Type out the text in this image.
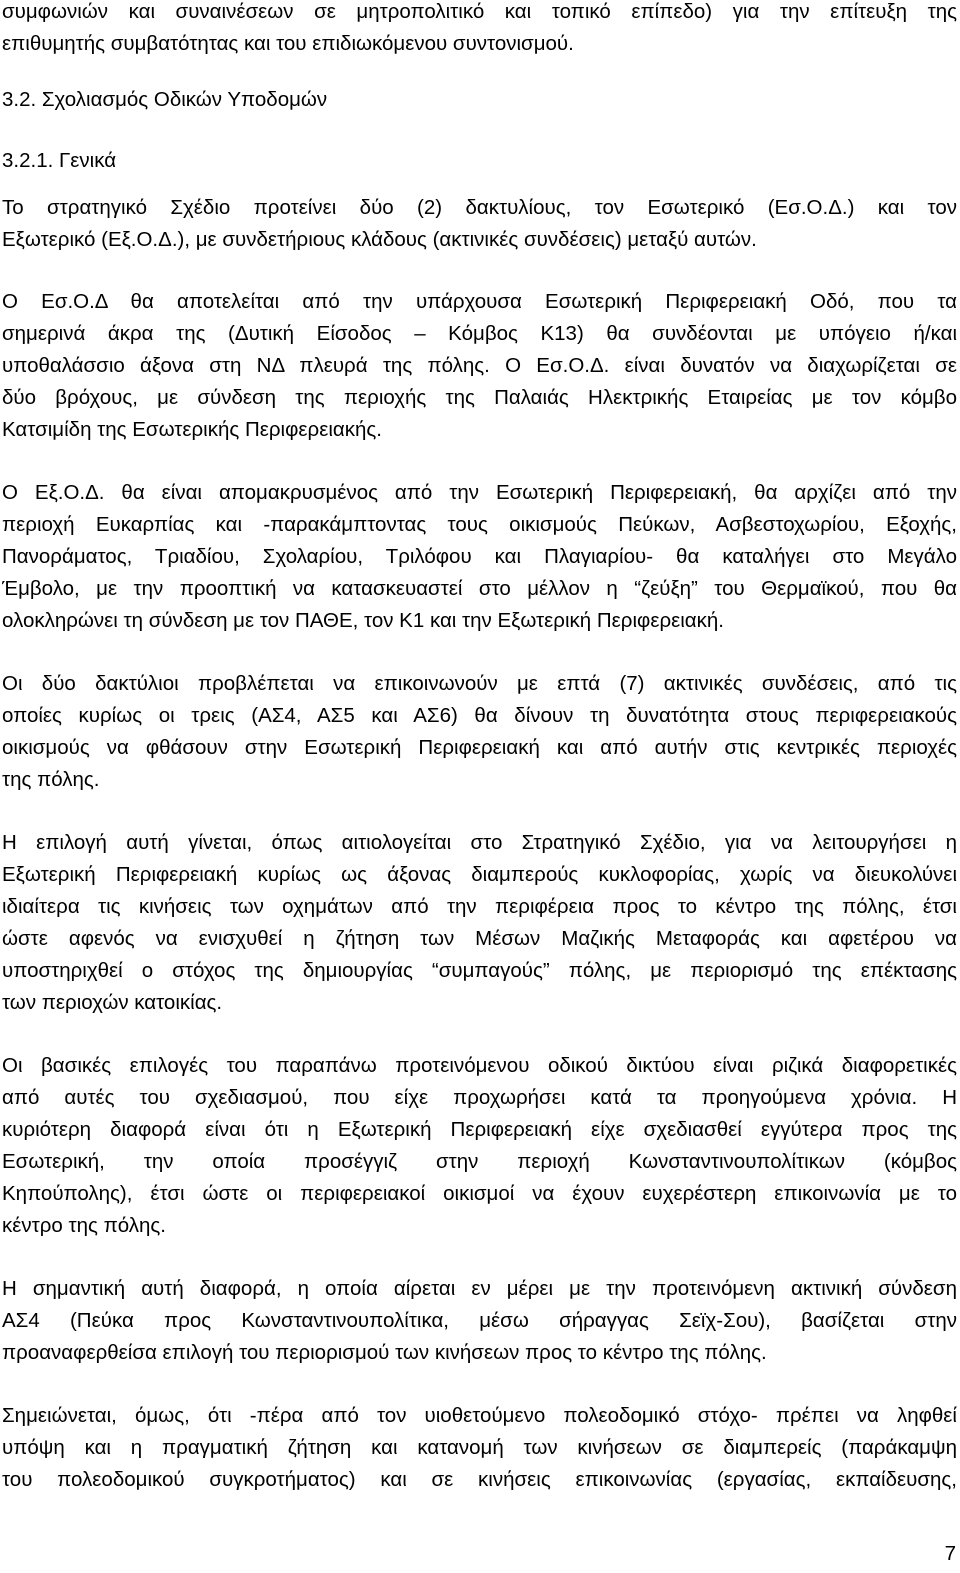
συμφωνιών και συναινέσεων σε μητροπολιτικό και τοπικό επίπεδο) για την επίτευξη της
επιθυμητής συμβατότητας και του επιδιωκόμενου συντονισμού.
3.2. Σχολιασμός Οδικών Υποδομών
3.2.1. Γενικά
Το στρατηγικό Σχέδιο προτείνει δύο (2) δακτυλίους, τον Εσωτερικό (Εσ.Ο.Δ.) και τον
Εξωτερικό (Εξ.Ο.Δ.), με συνδετήριους κλάδους (ακτινικές συνδέσεις) μεταξύ αυτών.
Ο Εσ.Ο.Δ θα αποτελείται από την υπάρχουσα Εσωτερική Περιφερειακή Οδό, που τα
σημερινά άκρα της (Δυτική Είσοδος – Κόμβος Κ13) θα συνδέονται με υπόγειο ή/και
υποθαλάσσιο άξονα στη ΝΔ πλευρά της πόλης. Ο Εσ.Ο.Δ. είναι δυνατόν να διαχωρίζεται σε
δύο βρόχους, με σύνδεση της περιοχής της Παλαιάς Ηλεκτρικής Εταιρείας με τον κόμβο
Κατσιμίδη της Εσωτερικής Περιφερειακής.
Ο Εξ.Ο.Δ. θα είναι απομακρυσμένος από την Εσωτερική Περιφερειακή, θα αρχίζει από την
περιοχή Ευκαρπίας και -παρακάμπτοντας τους οικισμούς Πεύκων, Ασβεστοχωρίου, Εξοχής,
Πανοράματος, Τριαδίου, Σχολαρίου, Τριλόφου και Πλαγιαρίου- θα καταλήγει στο Μεγάλο
Έμβολο, με την προοπτική να κατασκευαστεί στο μέλλον η “ζεύξη” του Θερμαϊκού, που θα
ολοκληρώνει τη σύνδεση με τον ΠΑΘΕ, τον Κ1 και την Εξωτερική Περιφερειακή.
Οι δύο δακτύλιοι προβλέπεται να επικοινωνούν με επτά (7) ακτινικές συνδέσεις, από τις
οποίες κυρίως οι τρεις (ΑΣ4, ΑΣ5 και ΑΣ6) θα δίνουν τη δυνατότητα στους περιφερειακούς
οικισμούς να φθάσουν στην Εσωτερική Περιφερειακή και από αυτήν στις κεντρικές περιοχές
της πόλης.
Η επιλογή αυτή γίνεται, όπως αιτιολογείται στο Στρατηγικό Σχέδιο, για να λειτουργήσει η
Εξωτερική Περιφερειακή κυρίως ως άξονας διαμπερούς κυκλοφορίας, χωρίς να διευκολύνει
ιδιαίτερα τις κινήσεις των οχημάτων από την περιφέρεια προς το κέντρο της πόλης, έτσι
ώστε αφενός να ενισχυθεί η ζήτηση των Μέσων Μαζικής Μεταφοράς και αφετέρου να
υποστηριχθεί ο στόχος της δημιουργίας “συμπαγούς” πόλης, με περιορισμό της επέκτασης
των περιοχών κατοικίας.
Οι βασικές επιλογές του παραπάνω προτεινόμενου οδικού δικτύου είναι ριζικά διαφορετικές
από αυτές του σχεδιασμού, που είχε προχωρήσει κατά τα προηγούμενα χρόνια. Η
κυριότερη διαφορά είναι ότι η Εξωτερική Περιφερειακή είχε σχεδιασθεί εγγύτερα προς της
Εσωτερική, την οποία προσέγγιζ στην περιοχή Κωνσταντινουπολίτικων (κόμβος
Κηπούπολης), έτσι ώστε οι περιφερειακοί οικισμοί να έχουν ευχερέστερη επικοινωνία με το
κέντρο της πόλης.
Η σημαντική αυτή διαφορά, η οποία αίρεται εν μέρει με την προτεινόμενη ακτινική σύνδεση
ΑΣ4 (Πεύκα προς Κωνσταντινουπολίτικα, μέσω σήραγγας Σεϊχ-Σου), βασίζεται στην
προαναφερθείσα επιλογή του περιορισμού των κινήσεων προς το κέντρο της πόλης.
Σημειώνεται, όμως, ότι -πέρα από τον υιοθετούμενο πολεοδομικό στόχο- πρέπει να ληφθεί
υπόψη και η πραγματική ζήτηση και κατανομή των κινήσεων σε διαμπερείς (παράκαμψη
του πολεοδομικού συγκροτήματος) και σε κινήσεις επικοινωνίας (εργασίας, εκπαίδευσης,
7
